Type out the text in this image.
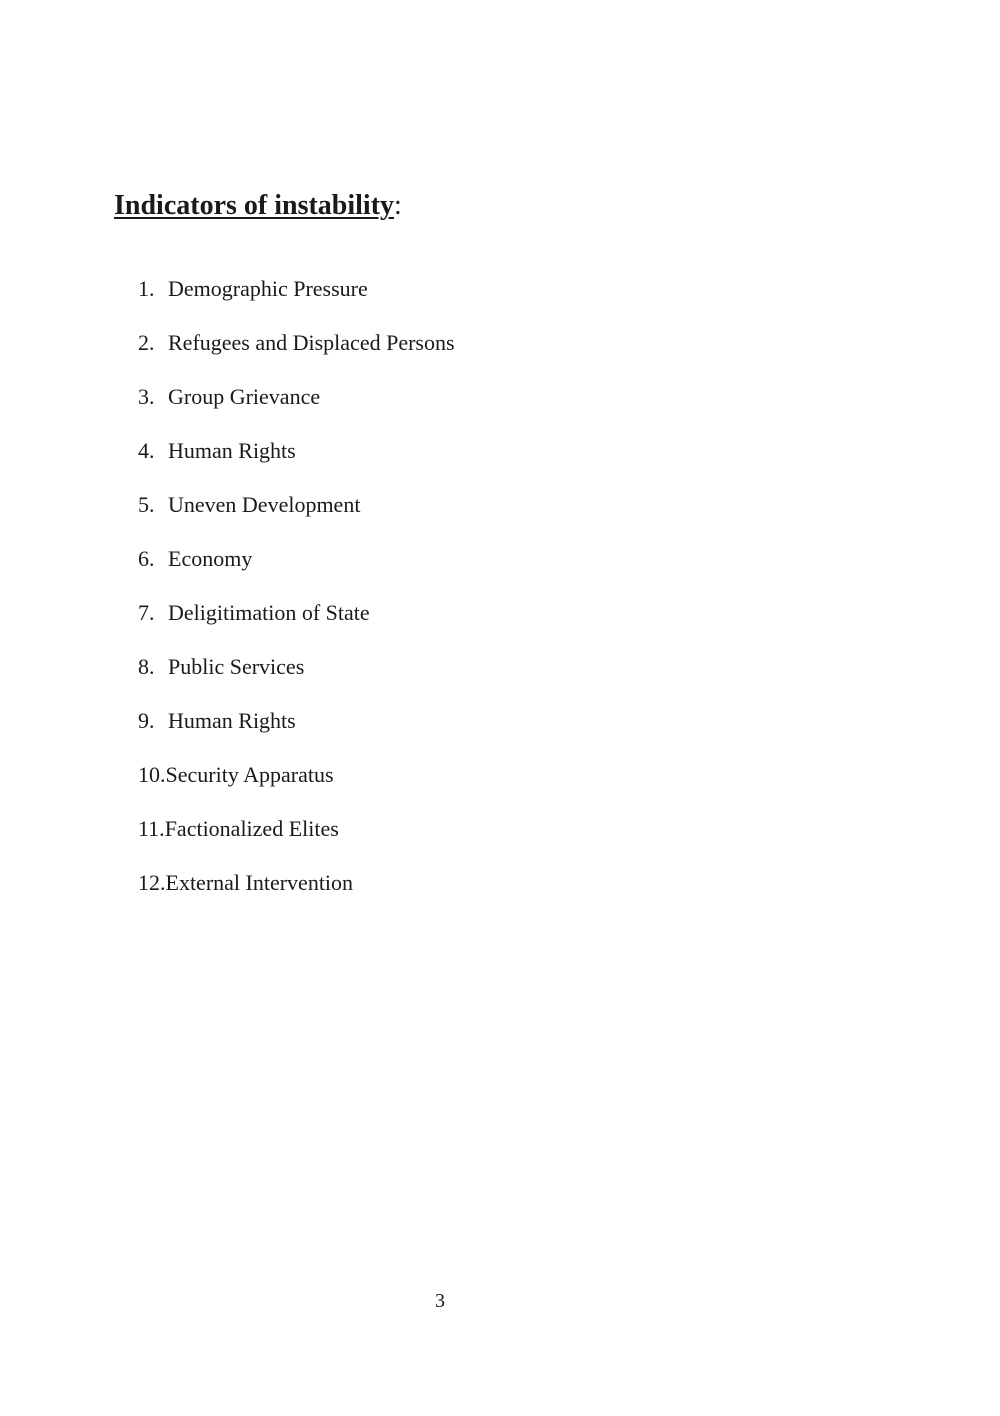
Indicators of instability:
1. Demographic Pressure
2. Refugees and Displaced Persons
3. Group Grievance
4. Human Rights
5. Uneven Development
6. Economy
7. Deligitimation of State
8. Public Services
9. Human Rights
10.Security Apparatus
11.Factionalized Elites
12.External Intervention
3
